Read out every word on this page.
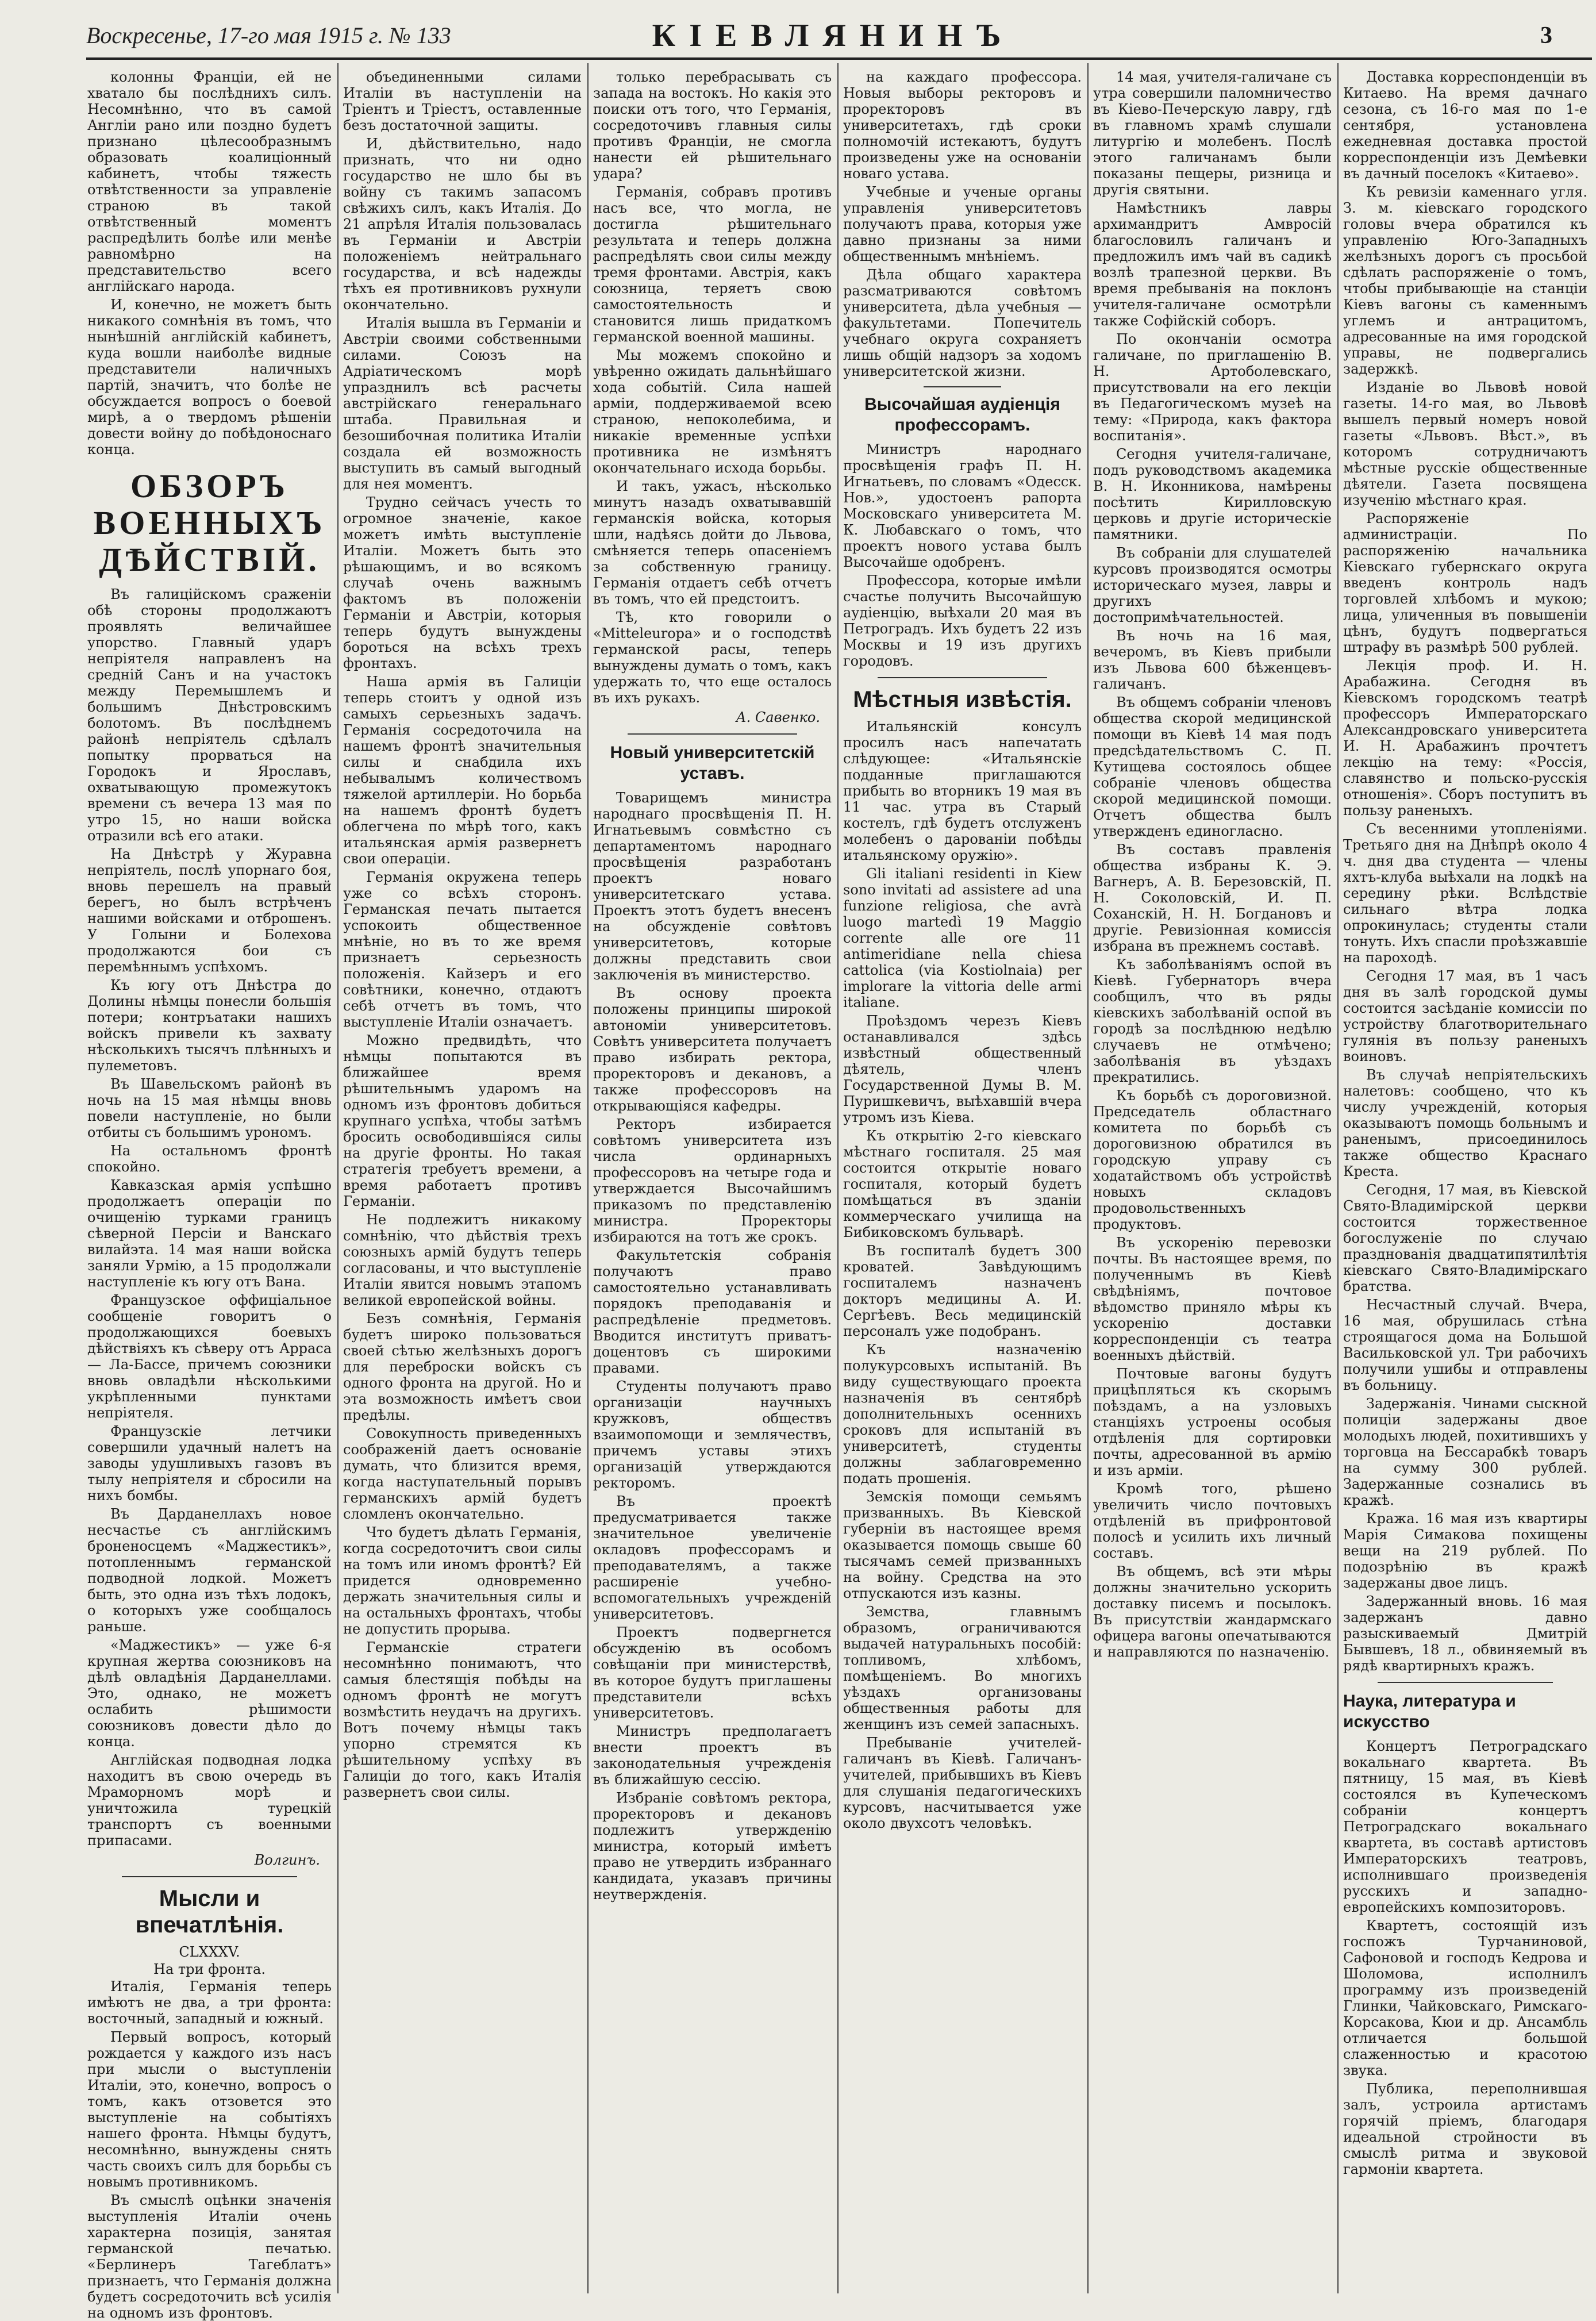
Воскресенье, 17-го мая 1915 г. № 133	КІЕВЛЯНИНЪ	3

колонны Франціи, ей не хватало бы послѣднихъ силъ. Несомнѣнно, что въ самой Англіи рано или поздно будетъ признано цѣлесообразнымъ образовать коалиціонный кабинетъ, чтобы тяжесть отвѣтственности за управленіе страною въ такой отвѣтственный моментъ распредѣлить болѣе или менѣе равномѣрно на представительство всего англійскаго народа.

И, конечно, не можетъ быть никакого сомнѣнія въ томъ, что нынѣшній англійскій кабинетъ, куда вошли наиболѣе видные представители наличныхъ партій, значитъ, что болѣе не обсуждается вопросъ о боевой мирѣ, а о твердомъ рѣшеніи довести войну до побѣдоноснаго конца.

ОБЗОРЪ ВОЕННЫХЪ ДѢЙСТВІЙ.

Въ галиційскомъ сраженіи обѣ стороны продолжаютъ проявлять величайшее упорство. Главный ударъ непріятеля направленъ на средній Санъ и на участокъ между Перемышлемъ и большимъ Днѣстровскимъ болотомъ. Въ послѣднемъ районѣ непріятель сдѣлалъ попытку прорваться на Городокъ и Ярославъ, охватывающую промежутокъ времени съ вечера 13 мая по утро 15, но наши войска отразили всѣ его атаки.

На Днѣстрѣ у Журавна непріятель, послѣ упорнаго боя, вновь перешелъ на правый берегъ, но былъ встрѣченъ нашими войсками и отброшенъ. У Голыни и Болехова продолжаются бои съ перемѣннымъ успѣхомъ.

Къ югу отъ Днѣстра до Долины нѣмцы понесли большія потери; контръатаки нашихъ войскъ привели къ захвату нѣсколькихъ тысячъ плѣнныхъ и пулеметовъ.

Въ Шавельскомъ районѣ въ ночь на 15 мая нѣмцы вновь повели наступленіе, но были отбиты съ большимъ урономъ.

На остальномъ фронтѣ спокойно.

Кавказская армія успѣшно продолжаетъ операціи по очищенію турками границъ сѣверной Персіи и Ванскаго вилайэта. 14 мая наши войска заняли Урмію, а 15 продолжали наступленіе къ югу отъ Вана.

Французское оффиціальное сообщеніе говоритъ о продолжающихся боевыхъ дѣйствіяхъ къ сѣверу отъ Арраса — Ла-Бассе, причемъ союзники вновь овладѣли нѣсколькими укрѣпленными пунктами непріятеля.

Французскіе летчики совершили удачный налетъ на заводы удушливыхъ газовъ въ тылу непріятеля и сбросили на нихъ бомбы.

Въ Дарданеллахъ новое несчастье съ англійскимъ броненосцемъ «Маджестикъ», потопленнымъ германской подводной лодкой. Можетъ быть, это одна изъ тѣхъ лодокъ, о которыхъ уже сообщалось раньше.

«Маджестикъ» — уже 6-я крупная жертва союзниковъ на дѣлѣ овладѣнія Дарданеллами. Это, однако, не можетъ ослабить рѣшимости союзниковъ довести дѣло до конца.

Англійская подводная лодка находитъ въ свою очередь въ Мраморномъ морѣ и уничтожила турецкій транспортъ съ военными припасами.

Волгинъ.
Мысли и впечатлѣнія.
CLXXXV.
На три фронта.

Италія, Германія теперь имѣютъ не два, а три фронта: восточный, западный и южный.

Первый вопросъ, который рождается у каждого изъ насъ при мысли о выступленіи Италіи, это, конечно, вопросъ о томъ, какъ отзовется это выступленіе на событіяхъ нашего фронта. Нѣмцы будутъ, несомнѣнно, вынуждены снять часть своихъ силъ для борьбы съ новымъ противникомъ.

Въ смыслѣ оцѣнки значенія выступленія Италіи очень характерна позиція, занятая германской печатью. «Берлинеръ Тагеблатъ» признаетъ, что Германія должна будетъ сосредоточить всѣ усилія на одномъ изъ фронтовъ.

объединенными силами Италіи въ наступленіи на Тріентъ и Тріестъ, оставленные безъ достаточной защиты.

И, дѣйствительно, надо признать, что ни одно государство не шло бы въ войну съ такимъ запасомъ свѣжихъ силъ, какъ Италія. До 21 апрѣля Италія пользовалась въ Германіи и Австріи положеніемъ нейтральнаго государства, и всѣ надежды тѣхъ ея противниковъ рухнули окончательно.

Италія вышла въ Германіи и Австріи своими собственными силами. Союзъ на Адріатическомъ морѣ упразднилъ всѣ расчеты австрійскаго генеральнаго штаба. Правильная и безошибочная политика Италіи создала ей возможность выступить въ самый выгодный для нея моментъ.

Трудно сейчасъ учесть то огромное значеніе, какое можетъ имѣть выступленіе Италіи. Можетъ быть это рѣшающимъ, и во всякомъ случаѣ очень важнымъ фактомъ въ положеніи Германіи и Австріи, которыя теперь будутъ вынуждены бороться на всѣхъ трехъ фронтахъ.

Наша армія въ Галиціи теперь стоитъ у одной изъ самыхъ серьезныхъ задачъ. Германія сосредоточила на нашемъ фронтѣ значительныя силы и снабдила ихъ небывалымъ количествомъ тяжелой артиллеріи. Но борьба на нашемъ фронтѣ будетъ облегчена по мѣрѣ того, какъ итальянская армія развернетъ свои операціи.

Германія окружена теперь уже со всѣхъ сторонъ. Германская печать пытается успокоить общественное мнѣніе, но въ то же время признаетъ серьезность положенія. Кайзеръ и его совѣтники, конечно, отдаютъ себѣ отчетъ въ томъ, что выступленіе Италіи означаетъ.

Можно предвидѣть, что нѣмцы попытаются въ ближайшее время рѣшительнымъ ударомъ на одномъ изъ фронтовъ добиться крупнаго успѣха, чтобы затѣмъ бросить освободившіяся силы на другіе фронты. Но такая стратегія требуетъ времени, а время работаетъ противъ Германіи.

Не подлежитъ никакому сомнѣнію, что дѣйствія трехъ союзныхъ армій будутъ теперь согласованы, и что выступленіе Италіи явится новымъ этапомъ великой европейской войны.

Безъ сомнѣнія, Германія будетъ широко пользоваться своей сѣтью желѣзныхъ дорогъ для переброски войскъ съ одного фронта на другой. Но и эта возможность имѣетъ свои предѣлы.

Совокупность приведенныхъ соображеній даетъ основаніе думать, что близится время, когда наступательный порывъ германскихъ армій будетъ сломленъ окончательно.

Что будетъ дѣлать Германія, когда сосредоточитъ свои силы на томъ или иномъ фронтѣ? Ей придется одновременно держать значительныя силы и на остальныхъ фронтахъ, чтобы не допустить прорыва.

Германскіе стратеги несомнѣнно понимаютъ, что самыя блестящія побѣды на одномъ фронтѣ не могутъ возмѣстить неудачъ на другихъ. Вотъ почему нѣмцы такъ упорно стремятся къ рѣшительному успѣху въ Галиціи до того, какъ Италія развернетъ свои силы.

только перебрасывать съ запада на востокъ. Но какія это поиски отъ того, что Германія, сосредоточивъ главныя силы противъ Франціи, не смогла нанести ей рѣшительнаго удара?

Германія, собравъ противъ насъ все, что могла, не достигла рѣшительнаго результата и теперь должна распредѣлять свои силы между тремя фронтами. Австрія, какъ союзница, теряетъ свою самостоятельность и становится лишь придаткомъ германской военной машины.

Мы можемъ спокойно и увѣренно ожидать дальнѣйшаго хода событій. Сила нашей арміи, поддерживаемой всею страною, непоколебима, и никакіе временные успѣхи противника не измѣнятъ окончательнаго исхода борьбы.

И такъ, ужасъ, нѣсколько минутъ назадъ охватывавшій германскія войска, которыя шли, надѣясь дойти до Львова, смѣняется теперь опасеніемъ за собственную границу. Германія отдаетъ себѣ отчетъ въ томъ, что ей предстоитъ.

Тѣ, кто говорили о «Mitteleuropa» и о господствѣ германской расы, теперь вынуждены думать о томъ, какъ удержать то, что еще осталось въ ихъ рукахъ.

А. Савенко.
Новый университетскій уставъ.

Товарищемъ министра народнаго просвѣщенія П. Н. Игнатьевымъ совмѣстно съ департаментомъ народнаго просвѣщенія разработанъ проектъ новаго университетскаго устава. Проектъ этотъ будетъ внесенъ на обсужденіе совѣтовъ университетовъ, которые должны представить свои заключенія въ министерство.

Въ основу проекта положены принципы широкой автономіи университетовъ. Совѣтъ университета получаетъ право избирать ректора, проректоровъ и декановъ, а также профессоровъ на открывающіяся кафедры.

Ректоръ избирается совѣтомъ университета изъ числа ординарныхъ профессоровъ на четыре года и утверждается Высочайшимъ приказомъ по представленію министра. Проректоры избираются на тотъ же срокъ.

Факультетскія собранія получаютъ право самостоятельно устанавливать порядокъ преподаванія и распредѣленіе предметовъ. Вводится институтъ приватъ-доцентовъ съ широкими правами.

Студенты получаютъ право организаціи научныхъ кружковъ, обществъ взаимопомощи и землячествъ, причемъ уставы этихъ организацій утверждаются ректоромъ.

Въ проектѣ предусматривается также значительное увеличеніе окладовъ профессорамъ и преподавателямъ, а также расширеніе учебно-вспомогательныхъ учрежденій университетовъ.

Проектъ подвергнется обсужденію въ особомъ совѣщаніи при министерствѣ, въ которое будутъ приглашены представители всѣхъ университетовъ.

Министръ предполагаетъ внести проектъ въ законодательныя учрежденія въ ближайшую сессію.

Избраніе совѣтомъ ректора, проректоровъ и декановъ подлежитъ утвержденію министра, который имѣетъ право не утвердить избраннаго кандидата, указавъ причины неутвержденія.

на каждаго профессора. Новыя выборы ректоровъ и проректоровъ въ университетахъ, гдѣ сроки полномочій истекаютъ, будутъ произведены уже на основаніи новаго устава.

Учебные и ученые органы управленія университетовъ получаютъ права, которыя уже давно признаны за ними общественнымъ мнѣніемъ.

Дѣла общаго характера разсматриваются совѣтомъ университета, дѣла учебныя — факультетами. Попечитель учебнаго округа сохраняетъ лишь общій надзоръ за ходомъ университетской жизни.

Высочайшая аудіенція профессорамъ.

Министръ народнаго просвѣщенія графъ П. Н. Игнатьевъ, по словамъ «Одесск. Нов.», удостоенъ рапорта Московскаго университета М. К. Любавскаго о томъ, что проектъ нового устава былъ Высочайше одобренъ.

Профессора, которые имѣли счастье получить Высочайшую аудіенцію, выѣхали 20 мая въ Петроградъ. Ихъ будетъ 22 изъ Москвы и 19 изъ другихъ городовъ.

Мѣстныя извѣстія.

Итальянскій консулъ просилъ насъ напечатать слѣдующее: «Итальянскіе подданные приглашаются прибыть во вторникъ 19 мая въ 11 час. утра въ Старый костелъ, гдѣ будетъ отслуженъ молебенъ о дарованіи побѣды итальянскому оружію».

Gli italiani residenti in Kiew sono invitati ad assistere ad una funzione religiosa, che avrà luogo martedì 19 Maggio corrente alle ore 11 antimeridiane nella chiesa cattolica (via Kostiolnaia) per implorare la vittoria delle armi italiane.

Проѣздомъ черезъ Кіевъ останавливался здѣсь извѣстный общественный дѣятель, членъ Государственной Думы В. М. Пуришкевичъ, выѣхавшій вчера утромъ изъ Кіева.

Къ открытію 2-го кіевскаго мѣстнаго госпиталя. 25 мая состоится открытіе новаго госпиталя, который будетъ помѣщаться въ зданіи коммерческаго училища на Бибиковскомъ бульварѣ.

Въ госпиталѣ будетъ 300 кроватей. Завѣдующимъ госпиталемъ назначенъ докторъ медицины А. И. Сергѣевъ. Весь медицинскій персоналъ уже подобранъ.

Къ назначенію полукурсовыхъ испытаній. Въ виду существующаго проекта назначенія въ сентябрѣ дополнительныхъ осеннихъ сроковъ для испытаній въ университетѣ, студенты должны заблаговременно подать прошенія.

Земскія помощи семьямъ призванныхъ. Въ Кіевской губерніи въ настоящее время оказывается помощь свыше 60 тысячамъ семей призванныхъ на войну. Средства на это отпускаются изъ казны.

Земства, главнымъ образомъ, ограничиваются выдачей натуральныхъ пособій: топливомъ, хлѣбомъ, помѣщеніемъ. Во многихъ уѣздахъ организованы общественныя работы для женщинъ изъ семей запасныхъ.

Пребываніе учителей-галичанъ въ Кіевѣ. Галичанъ-учителей, прибывшихъ въ Кіевъ для слушанія педагогическихъ курсовъ, насчитывается уже около двухсотъ человѣкъ.

14 мая, учителя-галичане съ утра совершили паломничество въ Кіево-Печерскую лавру, гдѣ въ главномъ храмѣ слушали литургію и молебенъ. Послѣ этого галичанамъ были показаны пещеры, ризница и другія святыни.

Намѣстникъ лавры архимандритъ Амвросій благословилъ галичанъ и предложилъ имъ чай въ садикѣ возлѣ трапезной церкви. Въ время пребыванія на поклонъ учителя-галичане осмотрѣли также Софійскій соборъ.

По окончаніи осмотра галичане, по приглашенію В. Н. Артоболевскаго, присутствовали на его лекціи въ Педагогическомъ музеѣ на тему: «Природа, какъ фактора воспитанія».

Сегодня учителя-галичане, подъ руководствомъ академика В. Н. Иконникова, намѣрены посѣтить Кирилловскую церковь и другіе историческіе памятники.

Въ собраніи для слушателей курсовъ производятся осмотры историческаго музея, лавры и другихъ достопримѣчательностей.

Въ ночь на 16 мая, вечеромъ, въ Кіевъ прибыли изъ Львова 600 бѣженцевъ-галичанъ.

Въ общемъ собраніи членовъ общества скорой медицинской помощи въ Кіевѣ 14 мая подъ предсѣдательствомъ С. П. Кутищева состоялось общее собраніе членовъ общества скорой медицинской помощи. Отчетъ общества былъ утвержденъ единогласно.

Въ составъ правленія общества избраны К. Э. Вагнеръ, А. В. Березовскій, П. Н. Соколовскій, И. П. Соханскій, Н. Н. Богдановъ и другіе. Ревизіонная комиссія избрана въ прежнемъ составѣ.

Къ заболѣваніямъ оспой въ Кіевѣ. Губернаторъ вчера сообщилъ, что въ ряды кіевскихъ заболѣваній оспой въ городѣ за послѣднюю недѣлю случаевъ не отмѣчено; заболѣванія въ уѣздахъ прекратились.

Къ борьбѣ съ дороговизной. Председатель областнаго комитета по борьбѣ съ дороговизною обратился въ городскую управу съ ходатайствомъ объ устройствѣ новыхъ складовъ продовольственныхъ продуктовъ.

Въ ускоренію перевозки почты. Въ настоящее время, по полученнымъ въ Кіевѣ свѣдѣніямъ, почтовое вѣдомство приняло мѣры къ ускоренію доставки корреспонденціи съ театра военныхъ дѣйствій.

Почтовые вагоны будутъ прицѣпляться къ скорымъ поѣздамъ, а на узловыхъ станціяхъ устроены особыя отдѣленія для сортировки почты, адресованной въ армію и изъ арміи.

Кромѣ того, рѣшено увеличить число почтовыхъ отдѣленій въ прифронтовой полосѣ и усилить ихъ личный составъ.

Въ общемъ, всѣ эти мѣры должны значительно ускорить доставку писемъ и посылокъ. Въ присутствіи жандармскаго офицера вагоны опечатываются и направляются по назначенію.

Доставка корреспонденціи въ Китаево. На время дачнаго сезона, съ 16-го мая по 1-е сентября, установлена ежедневная доставка простой корреспонденціи изъ Демѣевки въ дачный поселокъ «Китаево».

Къ ревизіи каменнаго угля. З. м. кіевскаго городского головы вчера обратился къ управленію Юго-Западныхъ желѣзныхъ дорогъ съ просьбой сдѣлать распоряженіе о томъ, чтобы прибывающіе на станціи Кіевъ вагоны съ каменнымъ углемъ и антрацитомъ, адресованные на имя городской управы, не подвергались задержкѣ.

Изданіе во Львовѣ новой газеты. 14-го мая, во Львовѣ вышелъ первый номеръ новой газеты «Львовъ. Вѣст.», въ которомъ сотрудничаютъ мѣстные русскіе общественные дѣятели. Газета посвящена изученію мѣстнаго края.

Распоряженіе администраціи. По распоряженію начальника Кіевскаго губернскаго округа введенъ контроль надъ торговлей хлѣбомъ и мукою; лица, уличенныя въ повышеніи цѣнъ, будутъ подвергаться штрафу въ размѣрѣ 500 рублей.

Лекція проф. И. Н. Арабажина. Сегодня въ Кіевскомъ городскомъ театрѣ профессоръ Императорскаго Александровскаго университета И. Н. Арабажинъ прочтетъ лекцію на тему: «Россія, славянство и польско-русскія отношенія». Сборъ поступитъ въ пользу раненыхъ.

Съ весенними утопленіями. Третьяго дня на Днѣпрѣ около 4 ч. дня два студента — члены яхтъ-клуба выѣхали на лодкѣ на середину рѣки. Вслѣдствіе сильнаго вѣтра лодка опрокинулась; студенты стали тонуть. Ихъ спасли проѣзжавшіе на пароходѣ.

Сегодня 17 мая, въ 1 часъ дня въ залѣ городской думы состоится засѣданіе комиссіи по устройству благотворительнаго гулянія въ пользу раненыхъ воиновъ.

Въ случаѣ непріятельскихъ налетовъ: сообщено, что къ числу учрежденій, которыя оказываютъ помощь больнымъ и раненымъ, присоединилось также общество Краснаго Креста.

Сегодня, 17 мая, въ Кіевской Свято-Владимірской церкви состоится торжественное богослуженіе по случаю празднованія двадцатипятилѣтія кіевскаго Свято-Владимірскаго братства.

Несчастный случай. Вчера, 16 мая, обрушилась стѣна строящагося дома на Большой Васильковской ул. Три рабочихъ получили ушибы и отправлены въ больницу.

Задержанія. Чинами сыскной полиціи задержаны двое молодыхъ людей, похитившихъ у торговца на Бессарабкѣ товаръ на сумму 300 рублей. Задержанные сознались въ кражѣ.

Кража. 16 мая изъ квартиры Марія Симакова похищены вещи на 219 рублей. По подозрѣнію въ кражѣ задержаны двое лицъ.

Задержанный вновь. 16 мая задержанъ давно разыскиваемый Дмитрій Бывшевъ, 18 л., обвиняемый въ рядѣ квартирныхъ кражъ.

Наука, литература и искусство

Концертъ Петроградскаго вокальнаго квартета. Въ пятницу, 15 мая, въ Кіевѣ состоялся въ Купеческомъ собраніи концертъ Петроградскаго вокальнаго квартета, въ составѣ артистовъ Императорскихъ театровъ, исполнившаго произведенія русскихъ и западно-европейскихъ композиторовъ.

Квартетъ, состоящій изъ госпожъ Турчаниновой, Сафоновой и господъ Кедрова и Шоломова, исполнилъ программу изъ произведеній Глинки, Чайковскаго, Римскаго-Корсакова, Кюи и др. Ансамбль отличается большой слаженностью и красотою звука.

Публика, переполнившая залъ, устроила артистамъ горячій пріемъ, благодаря идеальной стройности въ смыслѣ ритма и звуковой гармоніи квартета.
